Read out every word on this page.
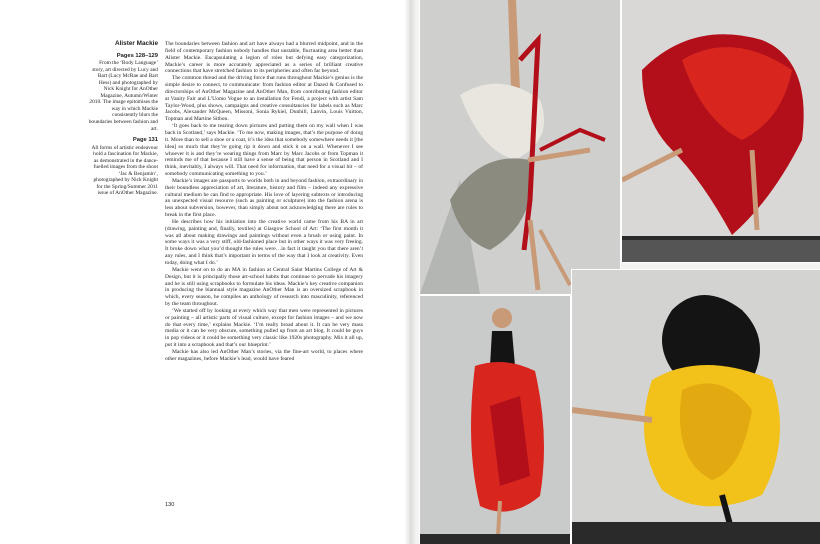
Alister Mackie
Pages 128–129

From the ‘Body Language’ story, art directed by Lucy and Bart (Lucy McRae and Bart Hess) and photographed by Nick Knight for AnOther Magazine, Autumn/Winter 2010. The image epitomises the way in which Mackie consistently blurs the boundaries between fashion and art.

Page 131

All forms of artistic endeavour hold a fascination for Mackie, as demonstrated in the dance-fuelled images from the shoot ‘Jac & Benjamin’, photographed by Nick Knight for the Spring/Summer 2011 issue of AnOther Magazine.

The boundaries between fashion and art have always had a blurred midpoint, and in the field of contemporary fashion nobody handles that unstable, fluctuating area better than Alister Mackie. Encapsulating a legion of roles but defying easy categorization, Mackie’s career is more accurately appreciated as a series of brilliant creative connections that have stretched fashion to its peripheries and often far beyond.

The common thread and the driving force that runs throughout Mackie’s genius is the simple desire to connect, to communicate: from fashion editor at Dazed & Confused to directorships of AnOther Magazine and AnOther Man, from contributing fashion editor at Vanity Fair and L’Uomo Vogue to an installation for Fendi, a project with artist Sam Taylor-Wood, plus shows, campaigns and creative consultancies for labels such as Marc Jacobs, Alexander McQueen, Missoni, Sonia Rykiel, Dunhill, Lanvin, Louis Vuitton, Topman and Martine Sitbon.

‘It goes back to me tearing down pictures and putting them on my wall when I was back in Scotland,’ says Mackie. ‘To me now, making images, that’s the purpose of doing it. More than to sell a shoe or a coat, it’s the idea that somebody somewhere needs it [the idea] so much that they’re going rip it down and stick it on a wall. Whenever I see whoever it is and they’re wearing things from Marc by Marc Jacobs or from Topman it reminds me of that because I still have a sense of being that person in Scotland and I think, inevitably, I always will. That need for information, that need for a visual hit – of somebody communicating something to you.’

Mackie’s images are passports to worlds both in and beyond fashion, extraordinary in their boundless appreciation of art, literature, history and film – indeed any expressive cultural medium he can find to appropriate. His love of layering subtexts or introducing an unexpected visual resource (such as painting or sculpture) into the fashion arena is less about subversion, however, than simply about not acknowledging there are rules to break in the first place.

He describes how his initiation into the creative world came from his BA in art (drawing, painting and, finally, textiles) at Glasgow School of Art: ‘The first month it was all about making drawings and paintings without even a brush or using paint. In some ways it was a very stiff, old-fashioned place but in other ways it was very freeing. It broke down what you’d thought the rules were…in fact it taught you that there aren’t any rules, and I think that’s important in terms of the way that I look at creativity. Even today, doing what I do.’

Mackie went on to do an MA in fashion at Central Saint Martins College of Art & Design, but it is principally those art-school habits that continue to pervade his imagery and he is still using scrapbooks to formulate his ideas. Mackie’s key creative companion in producing the biannual style magazine AnOther Man is an oversized scrapbook in which, every season, he compiles an anthology of research into masculinity, referenced by the team throughout.

‘We started off by looking at every which way that men were represented in pictures or painting – all artistic parts of visual culture, except for fashion images – and we now do that every time,’ explains Mackie. ‘I’m really broad about it. It can be very mass media or it can be very obscure, something pulled up from an art blog. It could be guys in pop videos or it could be something very classic like 1920s photography. Mix it all up, put it into a scrapbook and that’s our blueprint.’

Mackie has also led AnOther Man’s stories, via the fine-art world, to places where other magazines, before Mackie’s lead, would have feared

130
